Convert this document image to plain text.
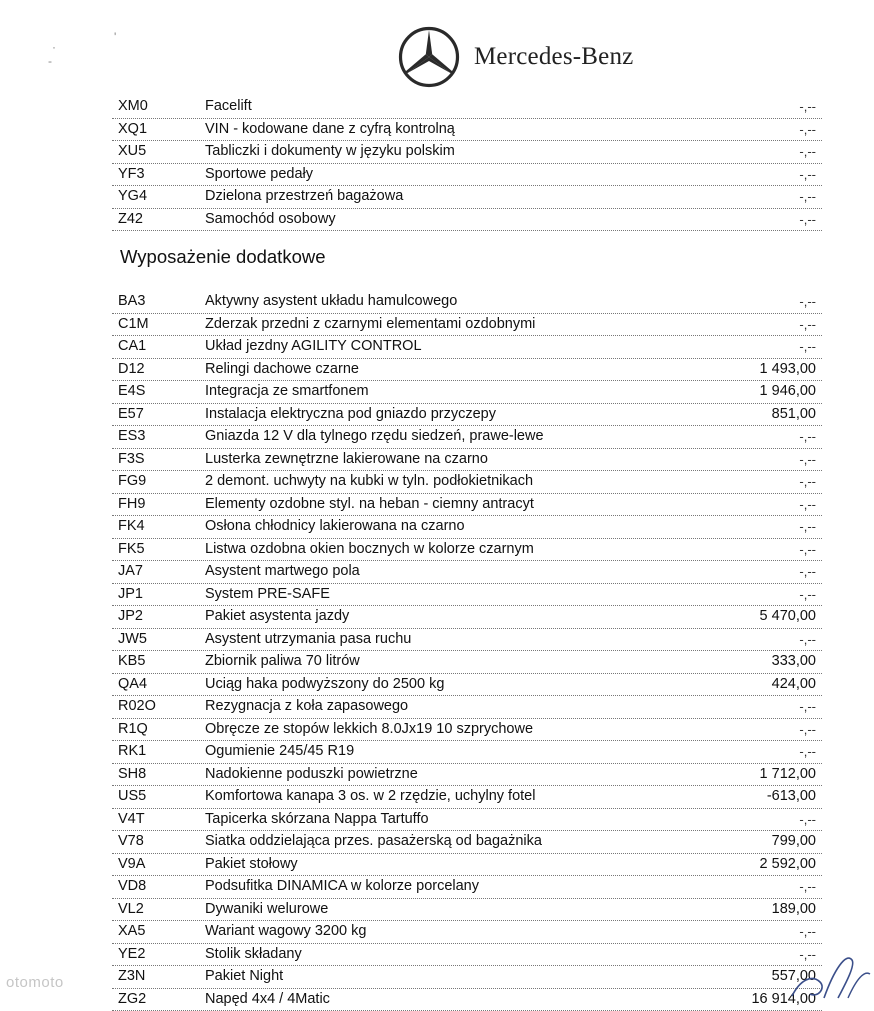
·
-
'
Mercedes-Benz
XM0	Facelift	-,--
XQ1	VIN - kodowane dane z cyfrą kontrolną	-,--
XU5	Tabliczki i dokumenty w języku polskim	-,--
YF3	Sportowe pedały	-,--
YG4	Dzielona przestrzeń bagażowa	-,--
Z42	Samochód osobowy	-,--
Wyposażenie dodatkowe
BA3	Aktywny asystent układu hamulcowego	-,--
C1M	Zderzak przedni z czarnymi elementami ozdobnymi	-,--
CA1	Układ jezdny AGILITY CONTROL	-,--
D12	Relingi dachowe czarne	1 493,00
E4S	Integracja ze smartfonem	1 946,00
E57	Instalacja elektryczna pod gniazdo przyczepy	851,00
ES3	Gniazda 12 V dla tylnego rzędu siedzeń, prawe-lewe	-,--
F3S	Lusterka zewnętrzne lakierowane na czarno	-,--
FG9	2 demont. uchwyty na kubki w tyln. podłokietnikach	-,--
FH9	Elementy ozdobne styl. na heban - ciemny antracyt	-,--
FK4	Osłona chłodnicy lakierowana na czarno	-,--
FK5	Listwa ozdobna okien bocznych w kolorze czarnym	-,--
JA7	Asystent martwego pola	-,--
JP1	System PRE-SAFE	-,--
JP2	Pakiet asystenta jazdy	5 470,00
JW5	Asystent utrzymania pasa ruchu	-,--
KB5	Zbiornik paliwa 70 litrów	333,00
QA4	Uciąg haka podwyższony do 2500 kg	424,00
R02O	Rezygnacja z koła zapasowego	-,--
R1Q	Obręcze ze stopów lekkich 8.0Jx19 10 szprychowe	-,--
RK1	Ogumienie 245/45 R19	-,--
SH8	Nadokienne poduszki powietrzne	1 712,00
US5	Komfortowa kanapa 3 os. w 2 rzędzie, uchylny fotel	-613,00
V4T	Tapicerka skórzana Nappa Tartuffo	-,--
V78	Siatka oddzielająca przes. pasażerską od bagażnika	799,00
V9A	Pakiet stołowy	2 592,00
VD8	Podsufitka DINAMICA w kolorze porcelany	-,--
VL2	Dywaniki welurowe	189,00
XA5	Wariant wagowy 3200 kg	-,--
YE2	Stolik składany	-,--
Z3N	Pakiet Night	557,00
ZG2	Napęd 4x4 / 4Matic	16 914,00
otomoto
